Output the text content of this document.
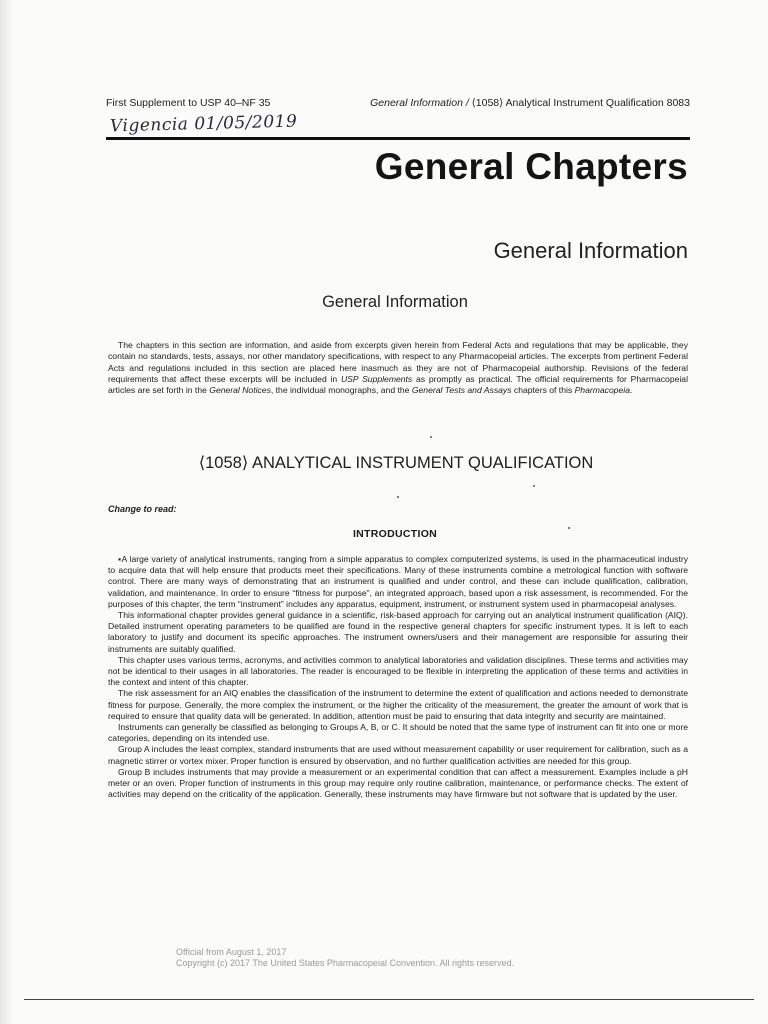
First Supplement to USP 40–NF 35	General Information / ⟨1058⟩ Analytical Instrument Qualification 8083
Vigencia 01/05/2019
General Chapters
General Information
General Information
The chapters in this section are information, and aside from excerpts given herein from Federal Acts and regulations that may be applicable, they contain no standards, tests, assays, nor other mandatory specifications, with respect to any Pharmacopeial articles. The excerpts from pertinent Federal Acts and regulations included in this section are placed here inasmuch as they are not of Pharmacopeial authorship. Revisions of the federal requirements that affect these excerpts will be included in USP Supplements as promptly as practical. The official requirements for Pharmacopeial articles are set forth in the General Notices, the individual monographs, and the General Tests and Assays chapters of this Pharmacopeia.
⟨1058⟩ ANALYTICAL INSTRUMENT QUALIFICATION
Change to read:
INTRODUCTION

▪A large variety of analytical instruments, ranging from a simple apparatus to complex computerized systems, is used in the pharmaceutical industry to acquire data that will help ensure that products meet their specifications. Many of these instruments combine a metrological function with software control. There are many ways of demonstrating that an instrument is qualified and under control, and these can include qualification, calibration, validation, and maintenance. In order to ensure “fitness for purpose”, an integrated approach, based upon a risk assessment, is recommended. For the purposes of this chapter, the term “instrument” includes any apparatus, equipment, instrument, or instrument system used in pharmacopeial analyses.

This informational chapter provides general guidance in a scientific, risk-based approach for carrying out an analytical instrument qualification (AIQ). Detailed instrument operating parameters to be qualified are found in the respective general chapters for specific instrument types. It is left to each laboratory to justify and document its specific approaches. The instrument owners/users and their management are responsible for assuring their instruments are suitably qualified.

This chapter uses various terms, acronyms, and activities common to analytical laboratories and validation disciplines. These terms and activities may not be identical to their usages in all laboratories. The reader is encouraged to be flexible in interpreting the application of these terms and activities in the context and intent of this chapter.

The risk assessment for an AIQ enables the classification of the instrument to determine the extent of qualification and actions needed to demonstrate fitness for purpose. Generally, the more complex the instrument, or the higher the criticality of the measurement, the greater the amount of work that is required to ensure that quality data will be generated. In addition, attention must be paid to ensuring that data integrity and security are maintained.

Instruments can generally be classified as belonging to Groups A, B, or C. It should be noted that the same type of instrument can fit into one or more categories, depending on its intended use.

Group A includes the least complex, standard instruments that are used without measurement capability or user requirement for calibration, such as a magnetic stirrer or vortex mixer. Proper function is ensured by observation, and no further qualification activities are needed for this group.

Group B includes instruments that may provide a measurement or an experimental condition that can affect a measurement. Examples include a pH meter or an oven. Proper function of instruments in this group may require only routine calibration, maintenance, or performance checks. The extent of activities may depend on the criticality of the application. Generally, these instruments may have firmware but not software that is updated by the user.

Official from August 1, 2017
Copyright (c) 2017 The United States Pharmacopeial Convention. All rights reserved.
